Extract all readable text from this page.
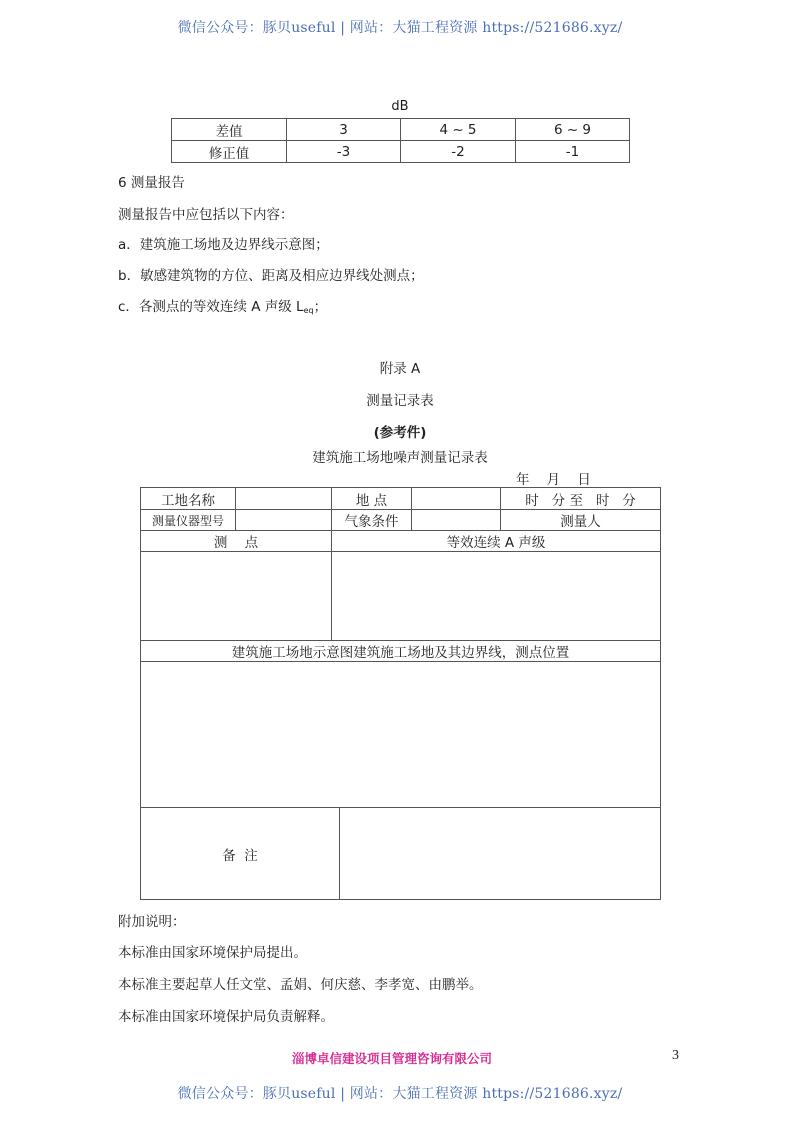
微信公众号：豚贝useful | 网站：大猫工程资源 https://521686.xyz/
dB
差值	3	4 ~ 5	6 ~ 9
修正值	-3	-2	-1
6 测量报告
测量报告中应包括以下内容：
a．建筑施工场地及边界线示意图；
b．敏感建筑物的方位、距离及相应边界线处测点；
c．各测点的等效连续 A 声级 $L_{eq}$；
附录 A
测量记录表
(参考件)
建筑施工场地噪声测量记录表
年    月    日
工地名称		地 点			时   分 至   时   分
测量仪器型号		气象条件			测量人
测    点		等效连续 A 声级			

建筑施工场地示意图建筑施工场地及其边界线，测点位置					

备  注					
附加说明：
本标准由国家环境保护局提出。
本标准主要起草人任文堂、孟娟、何庆慈、李孝宽、由鹏举。
本标准由国家环境保护局负责解释。
淄博卓信建设项目管理咨询有限公司	3
微信公众号：豚贝useful | 网站：大猫工程资源 https://521686.xyz/
